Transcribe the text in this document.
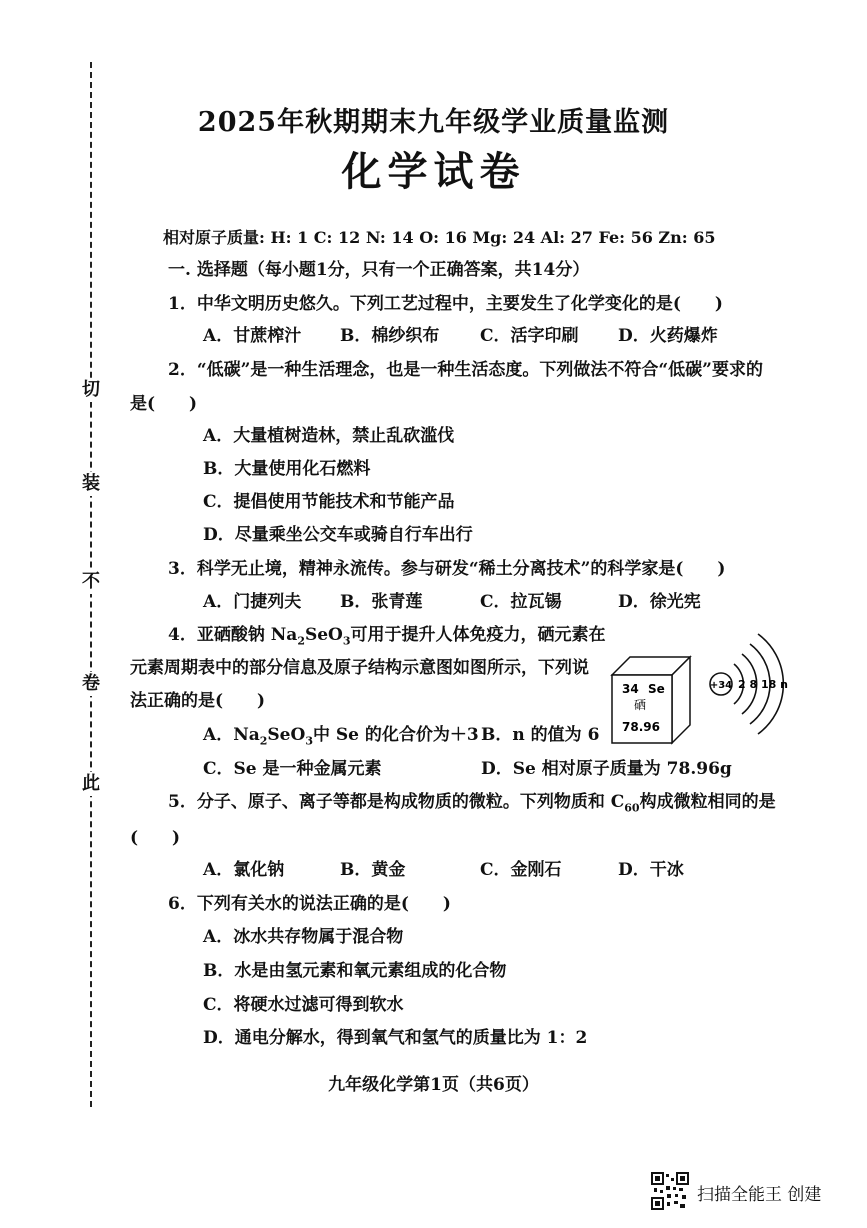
切
装
不
卷
此
2025年秋期期末九年级学业质量监测
化学试卷
相对原子质量: H: 1 C: 12 N: 14 O: 16 Mg: 24 Al: 27 Fe: 56 Zn: 65
一. 选择题（每小题1分，只有一个正确答案，共14分）
1．中华文明历史悠久。下列工艺过程中，主要发生了化学变化的是(　　)
A．甘蔗榨汁 B．棉纱织布 C．活字印刷 D．火药爆炸
2．“低碳”是一种生活理念，也是一种生活态度。下列做法不符合“低碳”要求的
是(　　)
A．大量植树造林，禁止乱砍滥伐
B．大量使用化石燃料
C．提倡使用节能技术和节能产品
D．尽量乘坐公交车或骑自行车出行
3．科学无止境，精神永流传。参与研发“稀土分离技术”的科学家是(　　)
A．门捷列夫 B．张青莲	C．拉瓦锡	D．徐光宪
4．亚硒酸钠 $Na_2SeO_3$可用于提升人体免疫力，硒元素在
元素周期表中的部分信息及原子结构示意图如图所示，下列说
法正确的是(　　)
A．$Na_2SeO_3$中 Se 的化合价为＋3 B．n 的值为 6
C．Se 是一种金属元素	D．Se 相对原子质量为 78.96g
34 Se
硒
78.96
+34 2 8 18 n
5．分子、原子、离子等都是构成物质的微粒。下列物质和 $C_{60}$构成微粒相同的是
(　　)
A．氯化钠	B．黄金	C．金刚石	D．干冰
6．下列有关水的说法正确的是(　　)
A．冰水共存物属于混合物
B．水是由氢元素和氧元素组成的化合物
C．将硬水过滤可得到软水
D．通电分解水，得到氧气和氢气的质量比为 1：2
九年级化学第1页（共6页）
扫描全能王 创建
